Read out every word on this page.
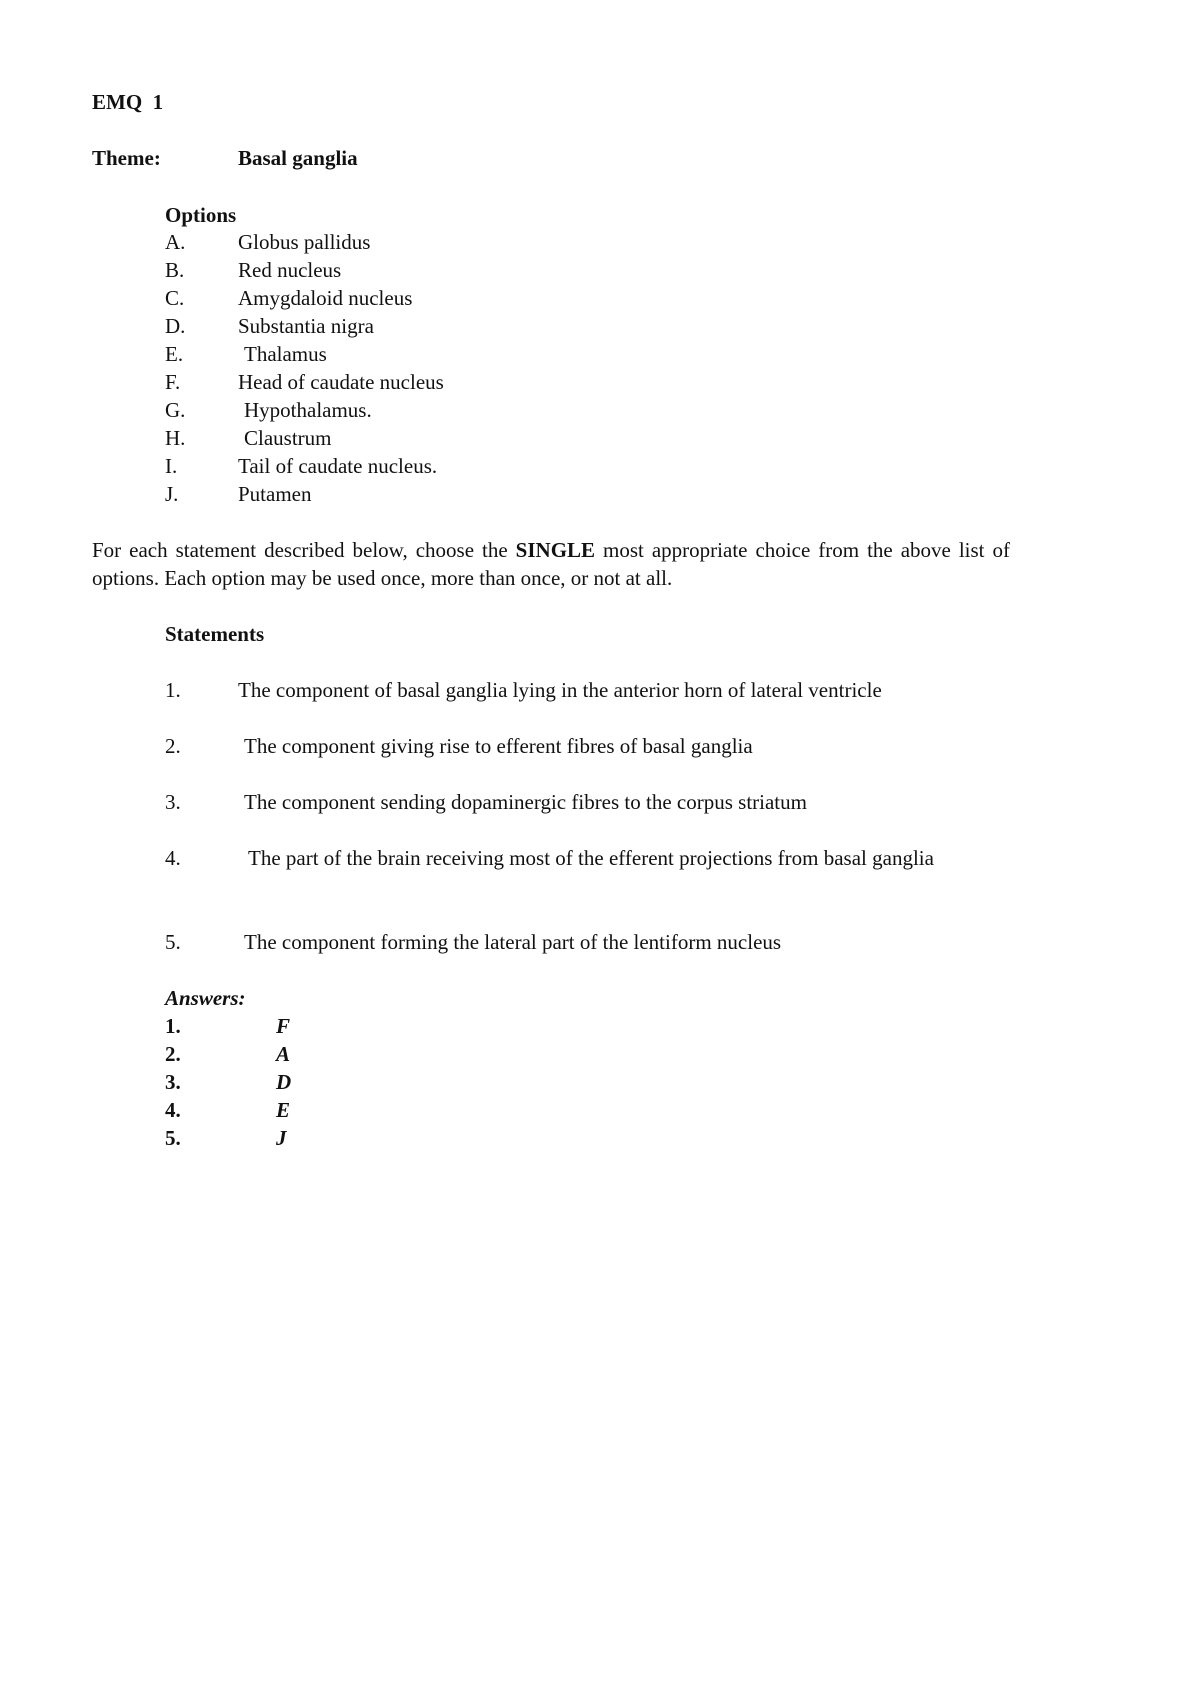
EMQ 1
Theme:	Basal ganglia
Options
A.	Globus pallidus
B.	Red nucleus
C.	Amygdaloid nucleus
D.	Substantia nigra
E.	Thalamus
F.	Head of caudate nucleus
G.	Hypothalamus.
H.	Claustrum
I.	Tail of caudate nucleus.
J.	Putamen
For each statement described below, choose the SINGLE most appropriate choice from the above list of options. Each option may be used once, more than once, or not at all.
Statements
1.	The component of basal ganglia lying in the anterior horn of lateral ventricle
2.	The component giving rise to efferent fibres of basal ganglia
3.	The component sending dopaminergic fibres to the corpus striatum
4.	The part of the brain receiving most of the efferent projections from basal ganglia
5.	The component forming the lateral part of the lentiform nucleus
Answers:
1.	F
2.	A
3.	D
4.	E
5.	J
